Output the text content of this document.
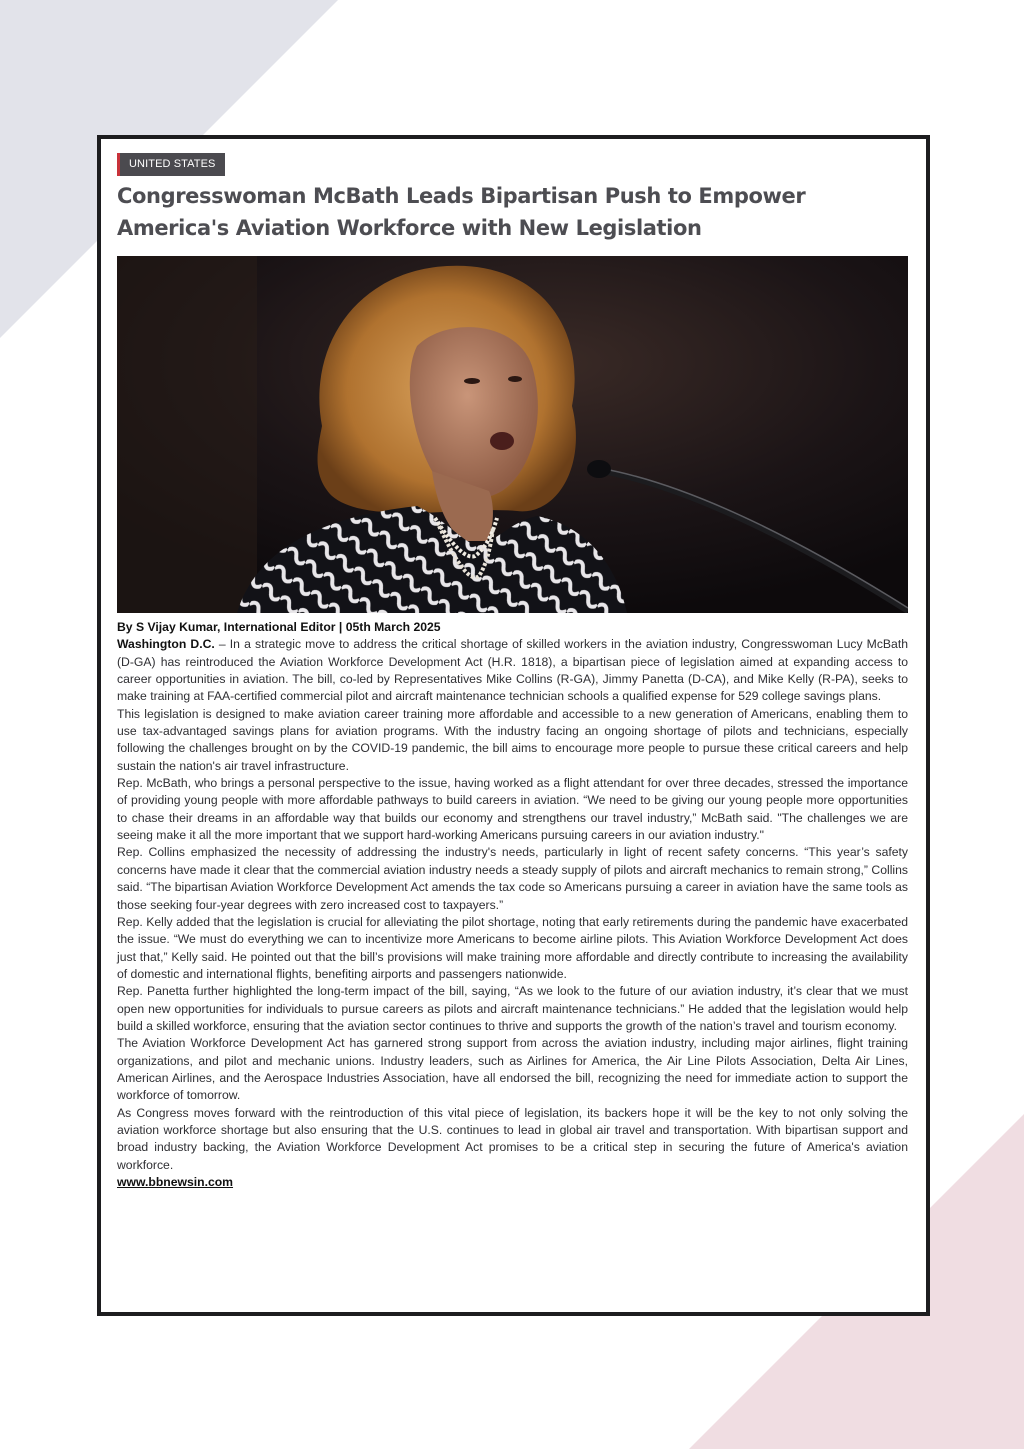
UNITED STATES
Congresswoman McBath Leads Bipartisan Push to Empower America's Aviation Workforce with New Legislation

By S Vijay Kumar, International Editor | 05th March 2025

Washington D.C. – In a strategic move to address the critical shortage of skilled workers in the aviation industry, Congresswoman Lucy McBath (D-GA) has reintroduced the Aviation Workforce Development Act (H.R. 1818), a bipartisan piece of legislation aimed at expanding access to career opportunities in aviation. The bill, co-led by Representatives Mike Collins (R-GA), Jimmy Panetta (D-CA), and Mike Kelly (R-PA), seeks to make training at FAA-certified commercial pilot and aircraft maintenance technician schools a qualified expense for 529 college savings plans.

This legislation is designed to make aviation career training more affordable and accessible to a new generation of Americans, enabling them to use tax-advantaged savings plans for aviation programs. With the industry facing an ongoing shortage of pilots and technicians, especially following the challenges brought on by the COVID-19 pandemic, the bill aims to encourage more people to pursue these critical careers and help sustain the nation's air travel infrastructure.

Rep. McBath, who brings a personal perspective to the issue, having worked as a flight attendant for over three decades, stressed the importance of providing young people with more affordable pathways to build careers in aviation. “We need to be giving our young people more opportunities to chase their dreams in an affordable way that builds our economy and strengthens our travel industry,” McBath said. "The challenges we are seeing make it all the more important that we support hard-working Americans pursuing careers in our aviation industry."

Rep. Collins emphasized the necessity of addressing the industry's needs, particularly in light of recent safety concerns. “This year’s safety concerns have made it clear that the commercial aviation industry needs a steady supply of pilots and aircraft mechanics to remain strong,” Collins said. “The bipartisan Aviation Workforce Development Act amends the tax code so Americans pursuing a career in aviation have the same tools as those seeking four-year degrees with zero increased cost to taxpayers.”

Rep. Kelly added that the legislation is crucial for alleviating the pilot shortage, noting that early retirements during the pandemic have exacerbated the issue. “We must do everything we can to incentivize more Americans to become airline pilots. This Aviation Workforce Development Act does just that,” Kelly said. He pointed out that the bill’s provisions will make training more affordable and directly contribute to increasing the availability of domestic and international flights, benefiting airports and passengers nationwide.

Rep. Panetta further highlighted the long-term impact of the bill, saying, “As we look to the future of our aviation industry, it’s clear that we must open new opportunities for individuals to pursue careers as pilots and aircraft maintenance technicians.” He added that the legislation would help build a skilled workforce, ensuring that the aviation sector continues to thrive and supports the growth of the nation’s travel and tourism economy.

The Aviation Workforce Development Act has garnered strong support from across the aviation industry, including major airlines, flight training organizations, and pilot and mechanic unions. Industry leaders, such as Airlines for America, the Air Line Pilots Association, Delta Air Lines, American Airlines, and the Aerospace Industries Association, have all endorsed the bill, recognizing the need for immediate action to support the workforce of tomorrow.

As Congress moves forward with the reintroduction of this vital piece of legislation, its backers hope it will be the key to not only solving the aviation workforce shortage but also ensuring that the U.S. continues to lead in global air travel and transportation. With bipartisan support and broad industry backing, the Aviation Workforce Development Act promises to be a critical step in securing the future of America's aviation workforce.

www.bbnewsin.com
